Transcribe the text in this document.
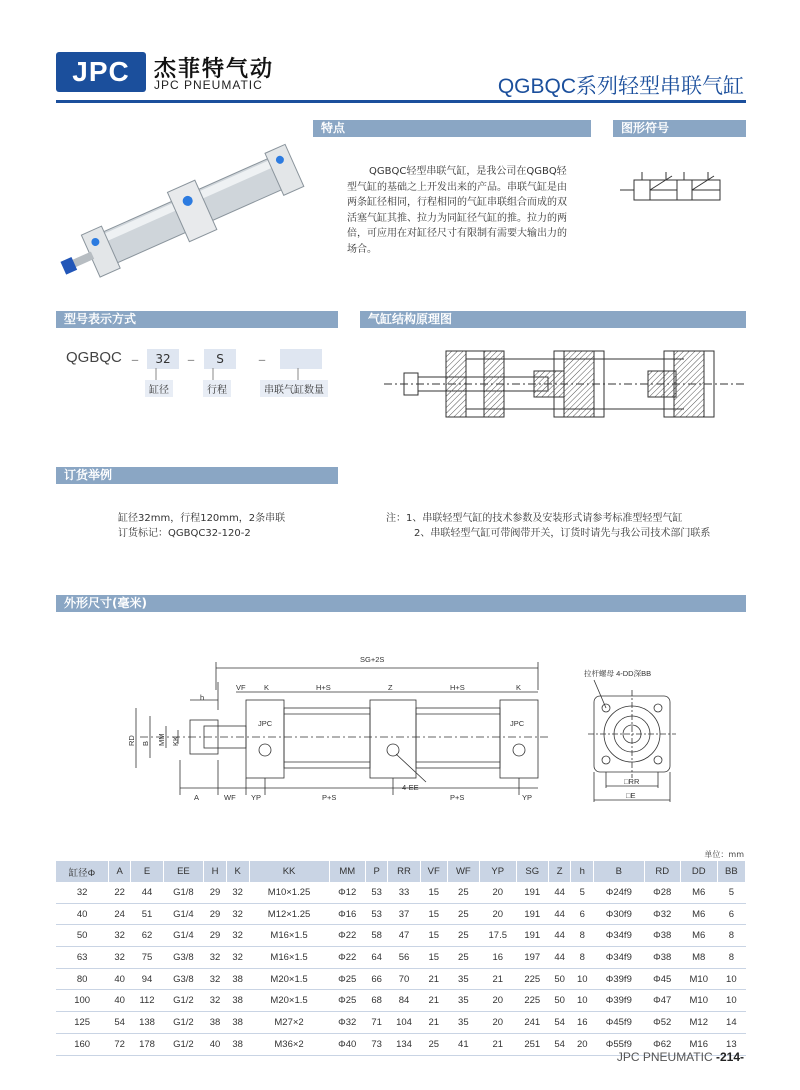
JPC	杰菲特气动
JPC PNEUMATIC	QGBQC系列轻型串联气缸
特点	图形符号
QGBQC轻型串联气缸，是我公司在QGBQ轻
型气缸的基础之上开发出来的产品。串联气缸是由
两条缸径相同，行程相同的气缸串联组合而成的双
活塞气缸其推、拉力为同缸径气缸的推。拉力的两
倍，可应用在对缸径尺寸有限制有需要大输出力的
场合。
型号表示方式	气缸结构原理图
QGBQC –	32	–	S	–
缸径	行程	串联气缸数量
订货举例
缸径32mm，行程120mm，2条串联
订货标记：QGBQC32-120-2
注：1、串联轻型气缸的技术参数及安装形式请参考标准型轻型气缸
2、串联轻型气缸可带阀带开关，订货时请先与我公司技术部门联系
外形尺寸(毫米)
SG+2S
h
VF K	H+S	Z	H+S	K
RD B MM KK
A	WF YP	P+S
4-EE
P+S	YP
JPC	JPC
拉杆螺母 4-DD深BB
□RR
□E
单位：mm
缸径Φ	A	E	EE	H	K	KK	MM	P	RR	VF	WF	YP	SG	Z	h	B	RD	DD	BB
32	22	44	G1/8	29	32	M10×1.25	Φ12	53	33	15	25	20	191	44	5	Φ24f9	Φ28	M6	5
40	24	51	G1/4	29	32	M12×1.25	Φ16	53	37	15	25	20	191	44	6	Φ30f9	Φ32	M6	6
50	32	62	G1/4	29	32	M16×1.5	Φ22	58	47	15	25	17.5	191	44	8	Φ34f9	Φ38	M6	8
63	32	75	G3/8	32	32	M16×1.5	Φ22	64	56	15	25	16	197	44	8	Φ34f9	Φ38	M8	8
80	40	94	G3/8	32	38	M20×1.5	Φ25	66	70	21	35	21	225	50	10	Φ39f9	Φ45	M10	10
100	40	112	G1/2	32	38	M20×1.5	Φ25	68	84	21	35	20	225	50	10	Φ39f9	Φ47	M10	10
125	54	138	G1/2	38	38	M27×2	Φ32	71	104	21	35	20	241	54	16	Φ45f9	Φ52	M12	14
160	72	178	G1/2	40	38	M36×2	Φ40	73	134	25	41	21	251	54	20	Φ55f9	Φ62	M16	13
JPC PNEUMATIC -214-
